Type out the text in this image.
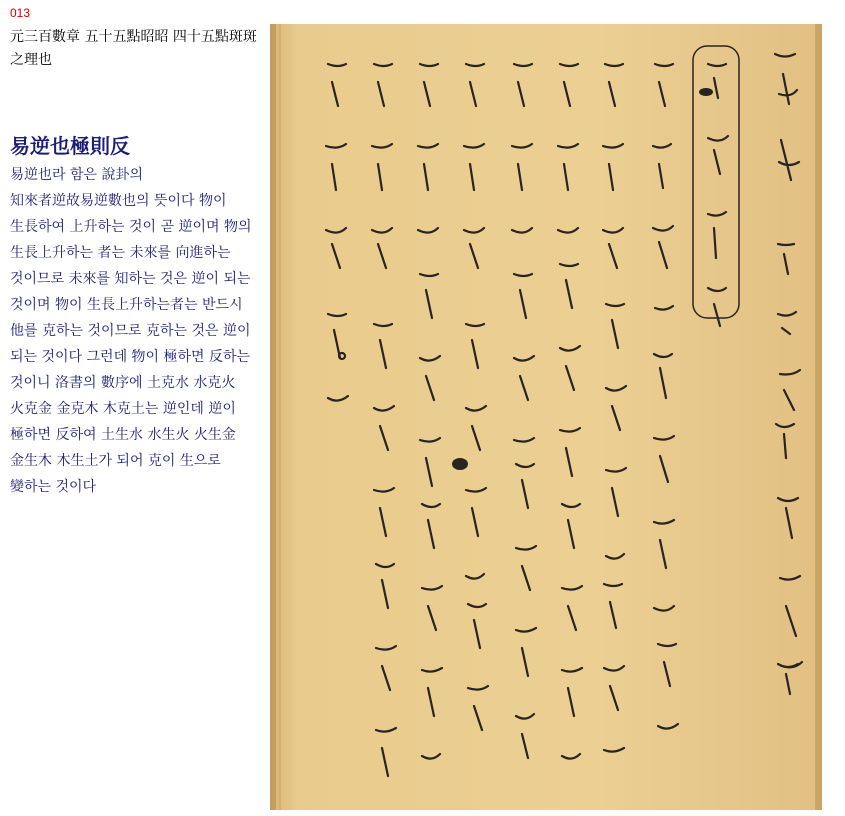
013
元三百數章 五十五點昭昭 四十五點斑斑之理也
易逆也極則反
易逆也라 함은 說卦의 知來者逆故易逆數也의 뜻이다 物이 生長하여 上升하는 것이 곧 逆이며 物의 生長上升하는 者는 未來를 向進하는 것이므로 未來를 知하는 것은 逆이 되는 것이며 物이 生長上升하는者는 반드시 他를 克하는 것이므로 克하는 것은 逆이 되는 것이다 그런데 物이 極하면 反하는 것이니 洛書의 數序에 土克水 水克火 火克金 金克木 木克土는 逆인데 逆이 極하면 反하여 土生水 水生火 火生金 金生木 木生土가 되어 克이 生으로 變하는 것이다
